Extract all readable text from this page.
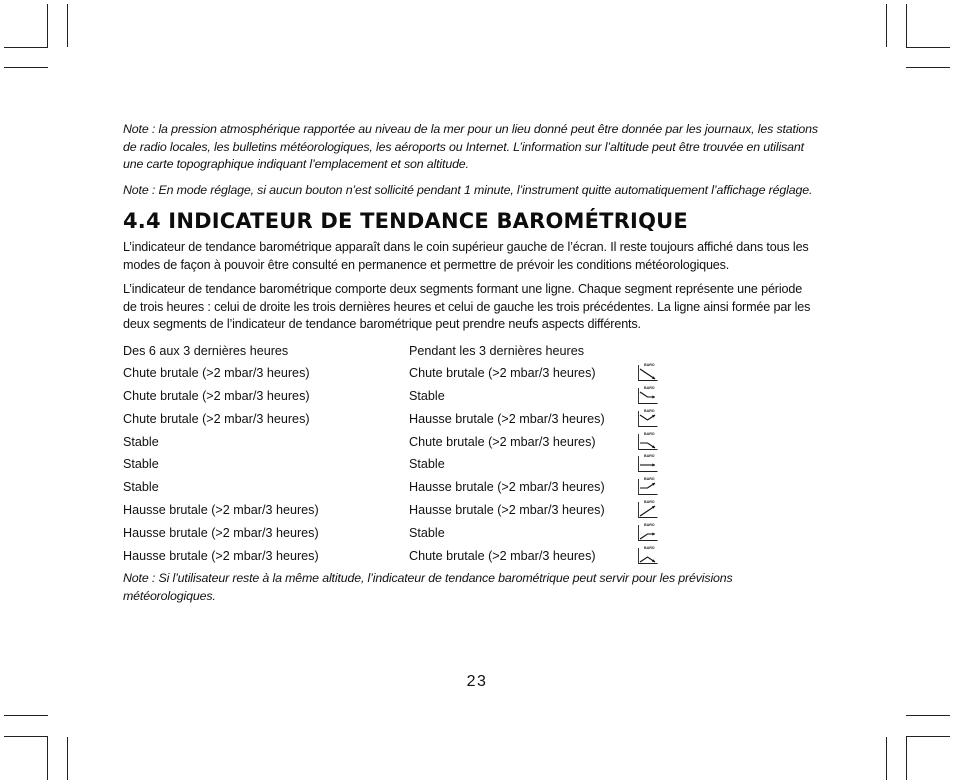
Note : la pression atmosphérique rapportée au niveau de la mer pour un lieu donné peut être donnée par les journaux, les stations de radio locales, les bulletins météorologiques, les aéroports ou Internet. L’information sur l’altitude peut être trouvée en utilisant une carte topographique indiquant l’emplacement et son altitude.

Note : En mode réglage, si aucun bouton n’est sollicité pendant 1 minute, l’instrument quitte automatiquement l’affichage réglage.

4.4 INDICATEUR DE TENDANCE BAROMÉTRIQUE

L’indicateur de tendance barométrique apparaît dans le coin supérieur gauche de l’écran. Il reste toujours affiché dans tous les modes de façon à pouvoir être consulté en permanence et permettre de prévoir les conditions météorologiques.

L’indicateur de tendance barométrique comporte deux segments formant une ligne. Chaque segment représente une période de trois heures : celui de droite les trois dernières heures et celui de gauche les trois précédentes. La ligne ainsi formée par les deux segments de l’indicateur de tendance barométrique peut prendre neufs aspects différents.

Des 6 aux 3 dernières heures	Pendant les 3 dernières heures
Chute brutale (>2 mbar/3 heures)	Chute brutale (>2 mbar/3 heures)
BARO
Chute brutale (>2 mbar/3 heures)	Stable
BARO
Chute brutale (>2 mbar/3 heures)	Hausse brutale (>2 mbar/3 heures)
BARO
Stable	Chute brutale (>2 mbar/3 heures)
BARO
Stable	Stable
BARO
Stable	Hausse brutale (>2 mbar/3 heures)
BARO
Hausse brutale (>2 mbar/3 heures)	Hausse brutale (>2 mbar/3 heures)
BARO
Hausse brutale (>2 mbar/3 heures)	Stable
BARO
Hausse brutale (>2 mbar/3 heures)	Chute brutale (>2 mbar/3 heures)
BARO

Note : Si l’utilisateur reste à la même altitude, l’indicateur de tendance barométrique peut servir pour les prévisions météorologiques.

23
